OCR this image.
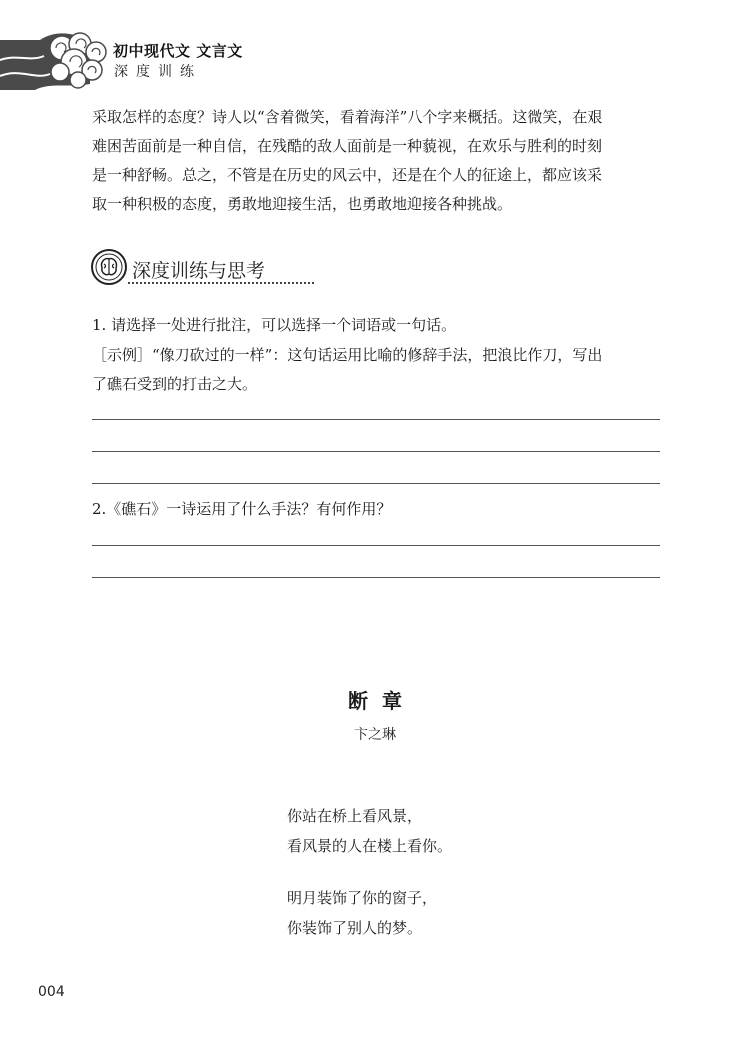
初中现代文 文言文
深度训练

采取怎样的态度？诗人以“含着微笑，看着海洋”八个字来概括。这微笑，在艰

难困苦面前是一种自信，在残酷的敌人面前是一种藐视，在欢乐与胜利的时刻

是一种舒畅。总之，不管是在历史的风云中，还是在个人的征途上，都应该采

取一种积极的态度，勇敢地迎接生活，也勇敢地迎接各种挑战。

深度训练与思考

1. 请选择一处进行批注，可以选择一个词语或一句话。

［示例］“像刀砍过的一样”：这句话运用比喻的修辞手法，把浪比作刀，写出

了礁石受到的打击之大。

2.《礁石》一诗运用了什么手法？有何作用？

断章
卞之琳

你站在桥上看风景，

看风景的人在楼上看你。

明月装饰了你的窗子，

你装饰了别人的梦。

004
